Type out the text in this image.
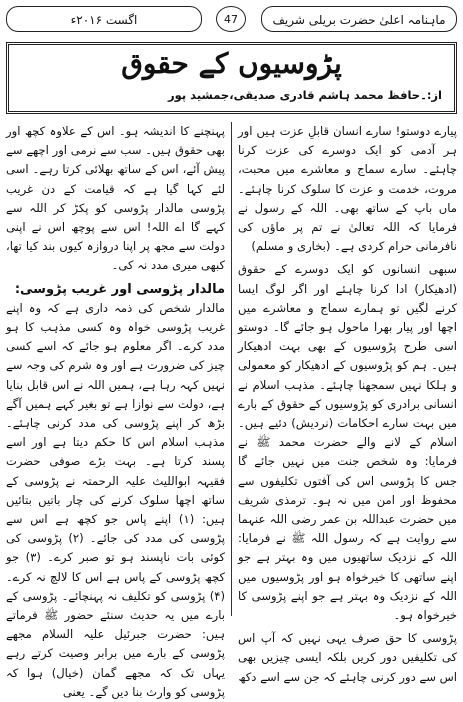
ماہنامہ اعلیٰ حضرت بریلی شریف
47
اگست ۲۰۱۶ء
پڑوسیوں کے حقوق
از:۔حافظ محمد ہاشم قادری صدیقی،جمشید پور

پیارے دوستو! سارے انسان قابلِ عزت ہیں اور ہر آدمی کو ایک دوسرے کی عزت کرنا چاہئے۔ سارے سماج و معاشرے میں محبت، مروت، خدمت و عزت کا سلوک کرنا چاہئے۔ ماں باپ کے ساتھ بھی۔ اللہ کے رسول نے فرمایا کہ اللہ تعالیٰ نے تم پر ماؤں کی نافرمانی حرام کردی ہے۔ (بخاری و مسلم)

سبھی انسانوں کو ایک دوسرے کے حقوق (ادھیکار) ادا کرنا چاہئے اور اگر لوگ ایسا کرنے لگیں تو ہمارے سماج و معاشرے میں اچھا اور پیار بھرا ماحول ہو جائے گا۔ دوستو اسی طرح پڑوسیوں کے بھی بہت ادھیکار ہیں۔ ہم کو پڑوسیوں کے ادھیکار کو معمولی و ہلکا نہیں سمجھنا چاہئے۔ مذہب اسلام نے انسانی برادری کو پڑوسیوں کے حقوق کے بارے میں بہت سارے احکامات (نردیش) دئیے ہیں۔ اسلام کے لانے والے حضرت محمد ﷺ نے فرمایا: وہ شخص جنت میں نہیں جائے گا جس کا پڑوسی اس کی آفتوں تکلیفوں سے محفوظ اور امن میں نہ ہو۔ ترمذی شریف میں حضرت عبداللہ بن عمر رضی اللہ عنہما سے روایت ہے کہ رسول اللہ ﷺ نے فرمایا: اللہ کے نزدیک ساتھیوں میں وہ بہتر ہے جو اپنے ساتھی کا خیرخواہ ہو اور پڑوسیوں میں اللہ کے نزدیک وہ بہتر ہے جو اپنے پڑوسی کا خیرخواہ ہو۔

پڑوسی کا حق صرف یہی نہیں کہ آپ اس کی تکلیفیں دور کریں بلکہ ایسی چیزیں بھی اس سے دور کرنی چاہئے کہ جن سے اسے دکھ

پہنچنے کا اندیشہ ہو۔ اس کے علاوہ کچھ اور بھی حقوق ہیں۔ سب سے نرمی اور اچھے سے پیش آئے، اس کے ساتھ بھلائی کرتا رہے۔ اسی لئے کہا گیا ہے کہ قیامت کے دن غریب پڑوسی مالدار پڑوسی کو پکڑ کر اللہ سے کہے گا اے اللہ! اس سے پوچھ اس نے اپنی دولت سے مجھ پر اپنا دروازہ کیوں بند کیا تھا، کبھی میری مدد نہ کی۔

مالدار پڑوسی اور غریب پڑوسی:

مالدار شخص کی ذمہ داری ہے کہ وہ اپنے غریب پڑوسی خواہ وہ کسی مذہب کا ہو مدد کرے۔ اگر معلوم ہو جائے کہ اسے کسی چیز کی ضرورت ہے اور وہ شرم کی وجہ سے نہیں کہہ رہا ہے، ہمیں اللہ نے اس قابل بنایا ہے، دولت سے نوازا ہے تو بغیر کہے ہمیں آگے بڑھ کر اپنے پڑوسی کی مدد کرنی چاہئے۔ مذہب اسلام اس کا حکم دیتا ہے اور اسے پسند کرتا ہے۔ بہت بڑے صوفی حضرت فقیہہ ابواللیث علیہ الرحمتہ نے پڑوسی کے ساتھ اچھا سلوک کرنے کی چار باتیں بتائیں ہیں: (۱) اپنے پاس جو کچھ ہے اس سے پڑوسی کی مدد کی جائے۔ (۲) پڑوسی کی کوئی بات ناپسند ہو تو صبر کرے۔ (۳) جو کچھ پڑوسی کے پاس ہے اس کا لالچ نہ کرے۔ (۴) پڑوسی کو تکلیف نہ پہنچائے۔ پڑوسی کے بارے میں یہ حدیث سنئے حضور ﷺ فرماتے ہیں: حضرت جبرئیل علیہ السلام مجھے پڑوسی کے بارے میں برابر وصیت کرتے رہے یہاں تک کہ مجھے گمان (خیال) ہوا کہ پڑوسی کو وارث بنا دیں گے۔ یعنی
